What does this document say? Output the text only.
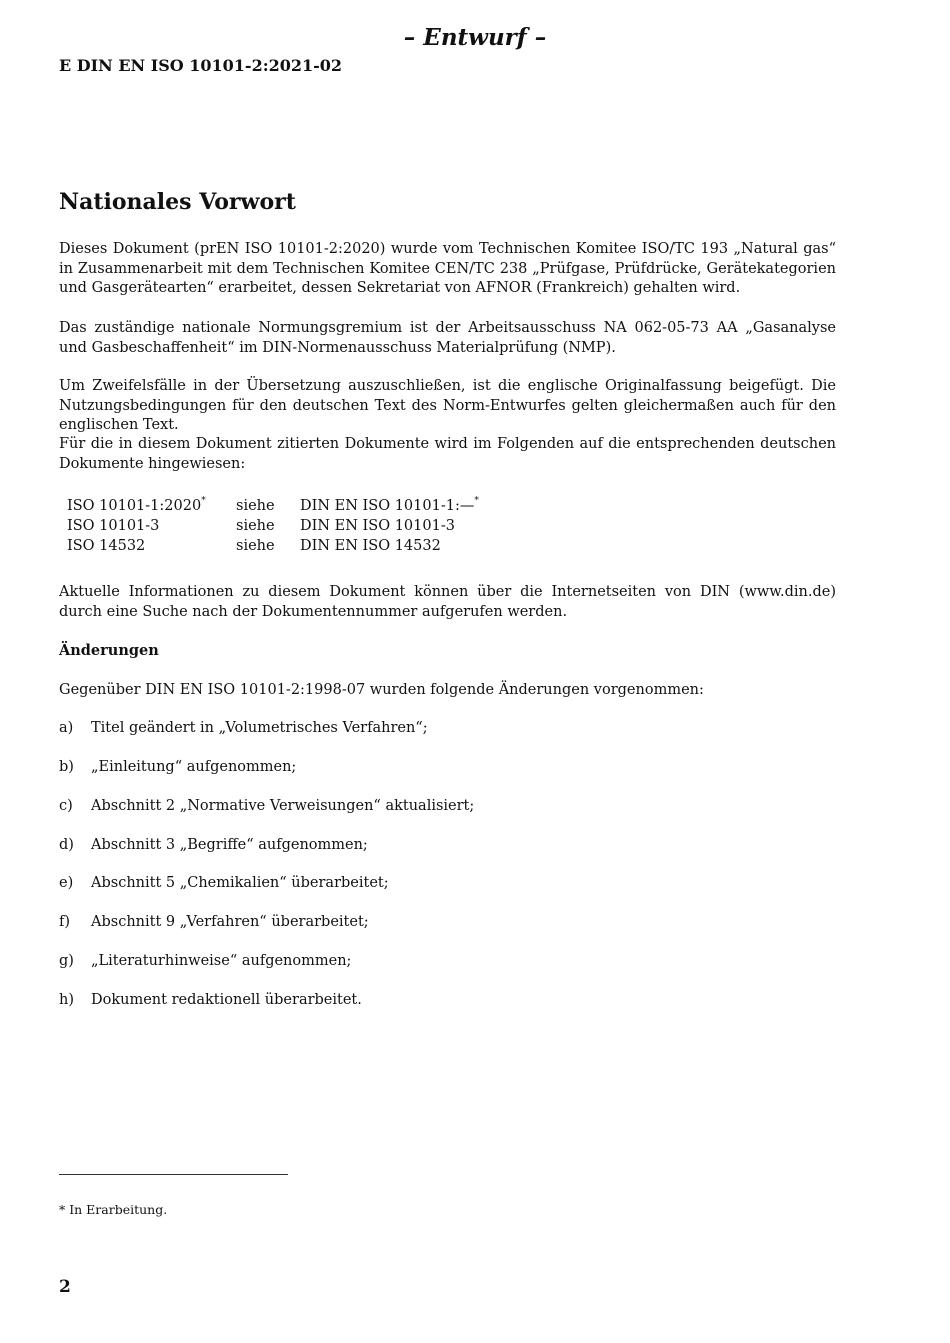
– Entwurf –
E DIN EN ISO 10101-2:2021-02
Nationales Vorwort

Dieses Dokument (prEN ISO 10101-2:2020) wurde vom Technischen Komitee ISO/TC 193 „Natural gas“ in Zusammenarbeit mit dem Technischen Komitee CEN/TC 238 „Prüfgase, Prüfdrücke, Gerätekategorien und Gasgerätearten“ erarbeitet, dessen Sekretariat von AFNOR (Frankreich) gehalten wird.

Das zuständige nationale Normungsgremium ist der Arbeitsausschuss NA 062-05-73 AA „Gasanalyse und Gasbeschaffenheit“ im DIN-Normenausschuss Materialprüfung (NMP).

Um Zweifelsfälle in der Übersetzung auszuschließen, ist die englische Originalfassung beigefügt. Die Nutzungsbedingungen für den deutschen Text des Norm-Entwurfes gelten gleichermaßen auch für den englischen Text.

Für die in diesem Dokument zitierten Dokumente wird im Folgenden auf die entsprechenden deutschen Dokumente hingewiesen:

ISO 10101-1:2020*	siehe	DIN EN ISO 10101-1:—*
ISO 10101-3	siehe	DIN EN ISO 10101-3
ISO 14532	siehe	DIN EN ISO 14532

Aktuelle Informationen zu diesem Dokument können über die Internetseiten von DIN (www.din.de) durch eine Suche nach der Dokumentennummer aufgerufen werden.

Änderungen
Gegenüber DIN EN ISO 10101-2:1998-07 wurden folgende Änderungen vorgenommen:
a) Titel geändert in „Volumetrisches Verfahren“;
b) „Einleitung“ aufgenommen;
c) Abschnitt 2 „Normative Verweisungen“ aktualisiert;
d) Abschnitt 3 „Begriffe“ aufgenommen;
e) Abschnitt 5 „Chemikalien“ überarbeitet;
f) Abschnitt 9 „Verfahren“ überarbeitet;
g) „Literaturhinweise“ aufgenommen;
h) Dokument redaktionell überarbeitet.
* In Erarbeitung.
2
